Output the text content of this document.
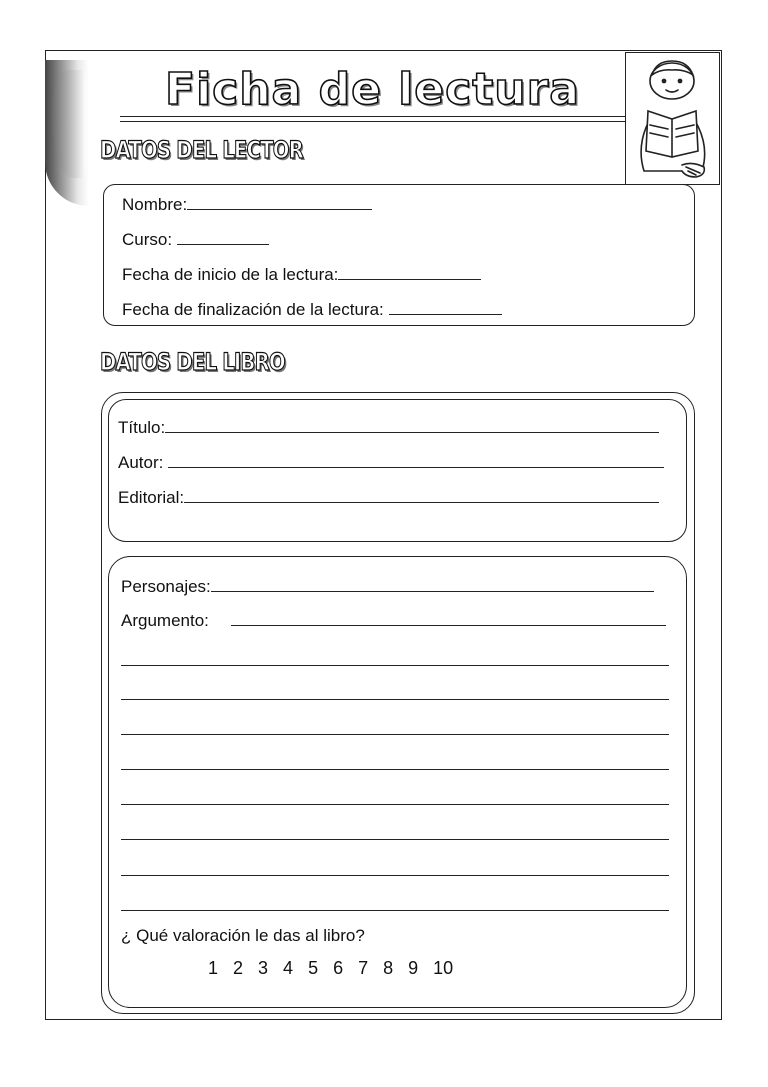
Ficha de lectura
DATOS DEL LECTOR
Nombre:
Curso:
Fecha de inicio de la lectura:
Fecha de finalización de la lectura:
DATOS DEL LIBRO
Título:
Autor:
Editorial:
Personajes:
Argumento:
¿ Qué valoración le das al libro?
1 2 3 4 5 6 7 8 9 10
